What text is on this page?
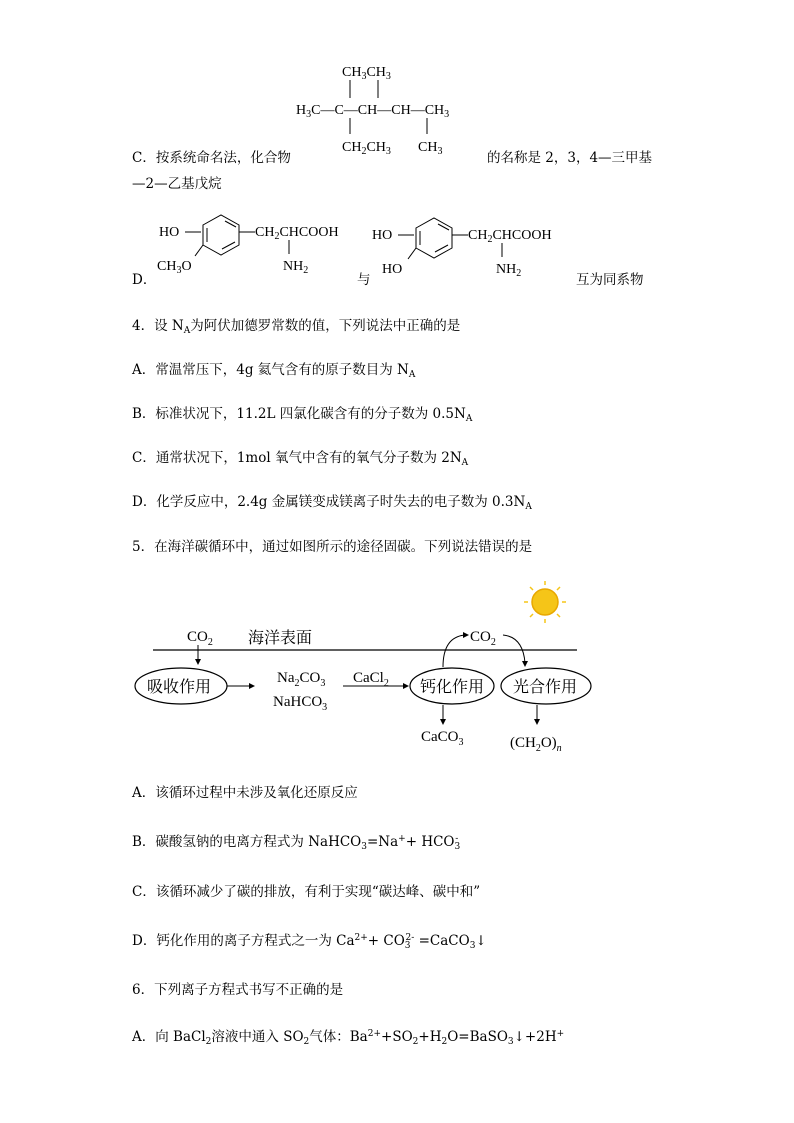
$CH_3CH_3$
$H_3C—C—CH—CH—CH_3$
$CH_2CH_3$ $CH_3$
C．按系统命名法，化合物	的名称是 2，3，4—三甲基
—2—乙基戊烷
D．
HO
$CH_3O$
$CH_2CHCOOH$
$NH_2$
与
HO
HO
$CH_2CHCOOH$
$NH_2$	互为同系物
4．设 $N_A$为阿伏加德罗常数的值，下列说法中正确的是
A．常温常压下，4g 氦气含有的原子数目为 $N_A$
B．标准状况下，11.2L 四氯化碳含有的分子数为 $0.5N_A$
C．通常状况下，1mol 氧气中含有的氧气分子数为 $2N_A$
D．化学反应中，2.4g 金属镁变成镁离子时失去的电子数为 $0.3N_A$
5．在海洋碳循环中，通过如图所示的途径固碳。下列说法错误的是
$CO_2$ 海洋表面
吸收作用	$Na_2CO_3$
NaHCO$_3$
CaCl$_2$ 钙化作用 光合作用
$CO_2$
CaCO$_3$	$(CH_2O)_n$
A．该循环过程中未涉及氧化还原反应
B．碳酸氢钠的电离方程式为 NaHCO$_3$=Na++ $HCO_3^-$
C．该循环减少了碳的排放，有利于实现“碳达峰、碳中和”
D．钙化作用的离子方程式之一为 $Ca^{2+}+ CO_3^{2-}$ =CaCO$_3$↓
6．下列离子方程式书写不正确的是
A．向 BaCl$_2$溶液中通入 $SO_2$气体：$Ba^{2+}+SO_2+H_2O=BaSO_3↓+2H^+$
